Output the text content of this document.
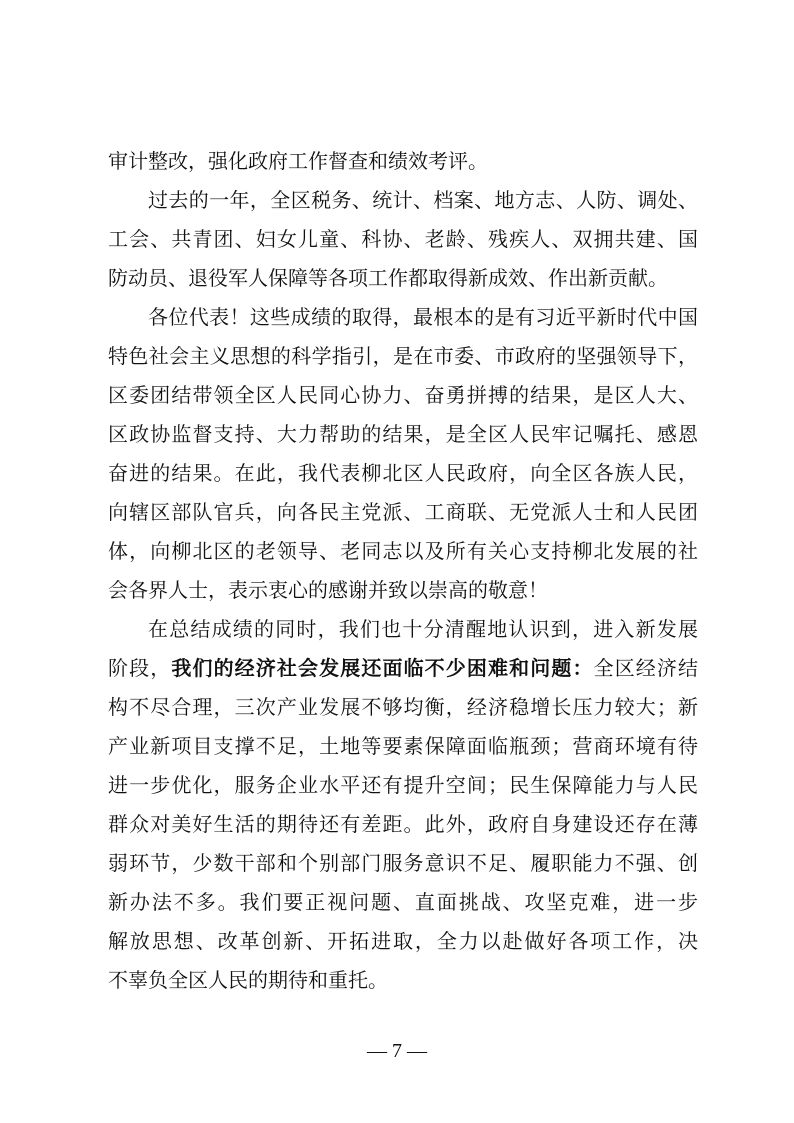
审计整改，强化政府工作督查和绩效考评。
过去的一年，全区税务、统计、档案、地方志、人防、调处、
工会、共青团、妇女儿童、科协、老龄、残疾人、双拥共建、国
防动员、退役军人保障等各项工作都取得新成效、作出新贡献。
各位代表！这些成绩的取得，最根本的是有习近平新时代中国
特色社会主义思想的科学指引，是在市委、市政府的坚强领导下，
区委团结带领全区人民同心协力、奋勇拼搏的结果，是区人大、
区政协监督支持、大力帮助的结果，是全区人民牢记嘱托、感恩
奋进的结果。在此，我代表柳北区人民政府，向全区各族人民，
向辖区部队官兵，向各民主党派、工商联、无党派人士和人民团
体，向柳北区的老领导、老同志以及所有关心支持柳北发展的社
会各界人士，表示衷心的感谢并致以崇高的敬意！
在总结成绩的同时，我们也十分清醒地认识到，进入新发展
阶段，我们的经济社会发展还面临不少困难和问题：全区经济结
构不尽合理，三次产业发展不够均衡，经济稳增长压力较大；新
产业新项目支撑不足，土地等要素保障面临瓶颈；营商环境有待
进一步优化，服务企业水平还有提升空间；民生保障能力与人民
群众对美好生活的期待还有差距。此外，政府自身建设还存在薄
弱环节，少数干部和个别部门服务意识不足、履职能力不强、创
新办法不多。我们要正视问题、直面挑战、攻坚克难，进一步
解放思想、改革创新、开拓进取，全力以赴做好各项工作，决
不辜负全区人民的期待和重托。
— 7 —
